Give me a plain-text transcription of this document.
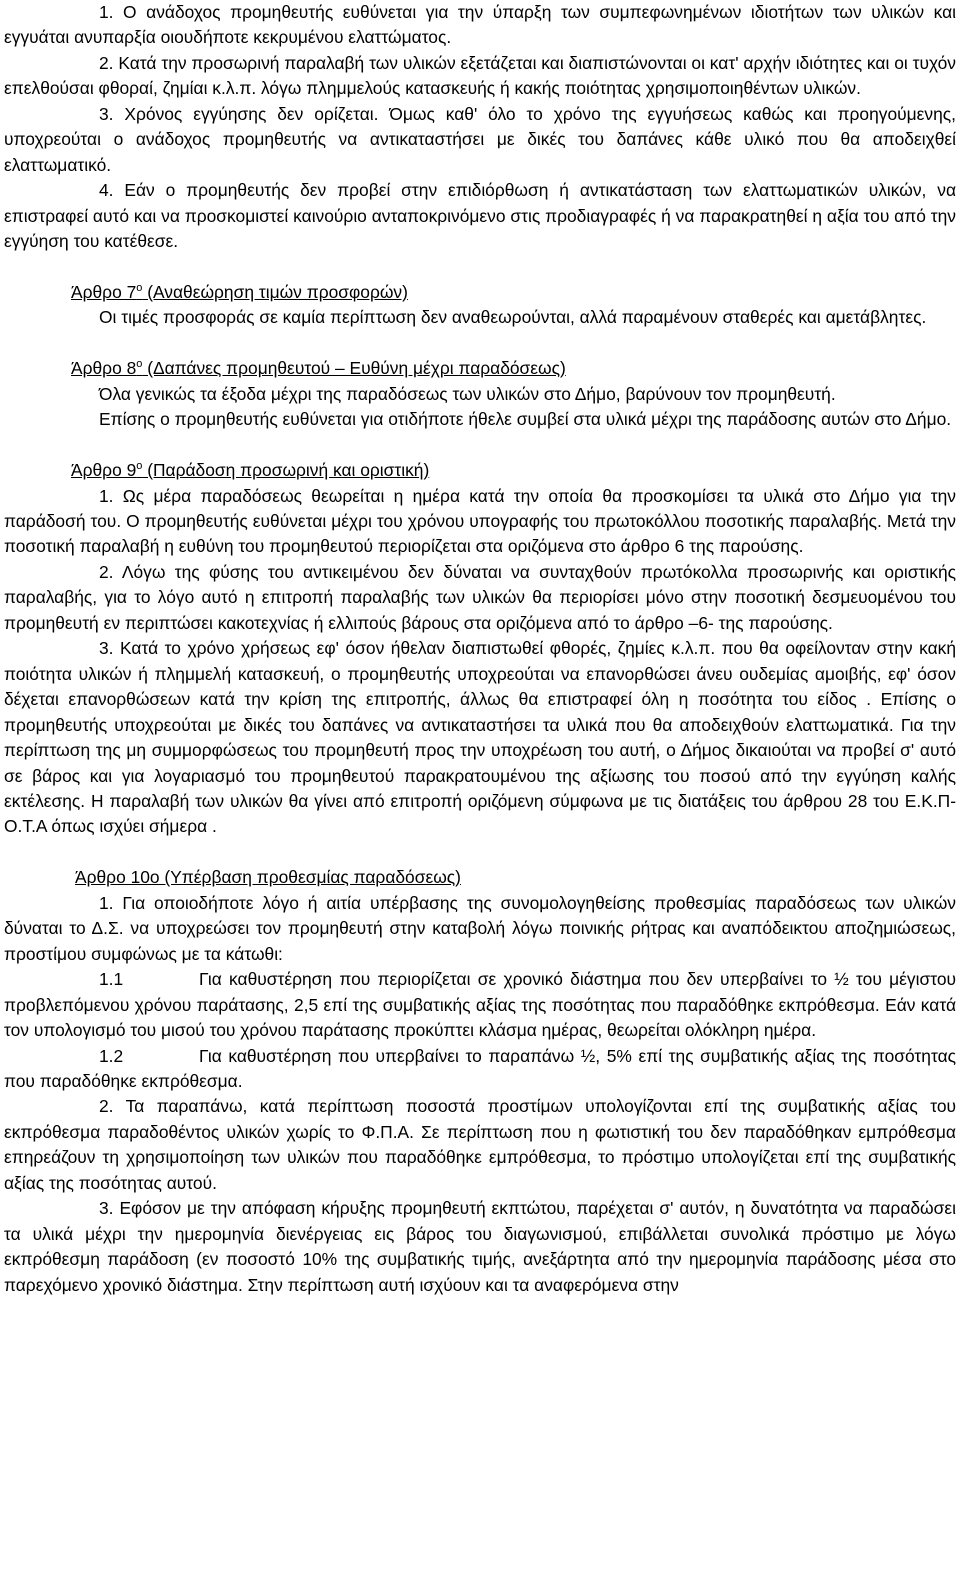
1. Ο ανάδοχος προμηθευτής ευθύνεται για την ύπαρξη των συμπεφωνημένων ιδιοτήτων των υλικών και εγγυάται ανυπαρξία οιουδήποτε κεκρυμένου ελαττώματος.

2. Κατά την προσωρινή παραλαβή των υλικών εξετάζεται και διαπιστώνονται οι κατ' αρχήν ιδιότητες και οι τυχόν επελθούσαι φθοραί, ζημίαι κ.λ.π. λόγω πλημμελούς κατασκευής ή κακής ποιότητας χρησιμοποιηθέντων υλικών.

3. Χρόνος εγγύησης δεν ορίζεται. Όμως καθ' όλο το χρόνο της εγγυήσεως καθώς και προηγούμενης, υποχρεούται ο ανάδοχος προμηθευτής να αντικαταστήσει με δικές του δαπάνες κάθε υλικό που θα αποδειχθεί ελαττωματικό.

4. Εάν ο προμηθευτής δεν προβεί στην επιδιόρθωση ή αντικατάσταση των ελαττωματικών υλικών, να επιστραφεί αυτό και να προσκομιστεί καινούριο ανταποκρινόμενο στις προδιαγραφές ή να παρακρατηθεί η αξία του από την εγγύηση του κατέθεσε.

Άρθρο $7^o$ (Αναθεώρηση τιμών προσφορών)

Οι τιμές προσφοράς σε καμία περίπτωση δεν αναθεωρούνται, αλλά παραμένουν σταθερές και αμετάβλητες.

Άρθρο $8^o$ (Δαπάνες προμηθευτού – Ευθύνη μέχρι παραδόσεως)

Όλα γενικώς τα έξοδα μέχρι της παραδόσεως των υλικών στο Δήμο, βαρύνουν τον προμηθευτή.

Επίσης ο προμηθευτής ευθύνεται για οτιδήποτε ήθελε συμβεί στα υλικά μέχρι της παράδοσης αυτών στο Δήμο.

Άρθρο $9^o$ (Παράδοση προσωρινή και οριστική)

1. Ως μέρα παραδόσεως θεωρείται η ημέρα κατά την οποία θα προσκομίσει τα υλικά στο Δήμο για την παράδοσή του. Ο προμηθευτής ευθύνεται μέχρι του χρόνου υπογραφής του πρωτοκόλλου ποσοτικής παραλαβής. Μετά την ποσοτική παραλαβή η ευθύνη του προμηθευτού περιορίζεται στα οριζόμενα στο άρθρο 6 της παρούσης.

2. Λόγω της φύσης του αντικειμένου δεν δύναται να συνταχθούν πρωτόκολλα προσωρινής και οριστικής παραλαβής, για το λόγο αυτό η επιτροπή παραλαβής των υλικών θα περιορίσει μόνο στην ποσοτική δεσμευομένου του προμηθευτή εν περιπτώσει κακοτεχνίας ή ελλιπούς βάρους στα οριζόμενα από το άρθρο –6- της παρούσης.

3. Κατά το χρόνο χρήσεως εφ' όσον ήθελαν διαπιστωθεί φθορές, ζημίες κ.λ.π. που θα οφείλονταν στην κακή ποιότητα υλικών ή πλημμελή κατασκευή, ο προμηθευτής υποχρεούται να επανορθώσει άνευ ουδεμίας αμοιβής, εφ' όσον δέχεται επανορθώσεων κατά την κρίση της επιτροπής, άλλως θα επιστραφεί όλη η ποσότητα του είδος . Επίσης ο προμηθευτής υποχρεούται με δικές του δαπάνες να αντικαταστήσει τα υλικά που θα αποδειχθούν ελαττωματικά. Για την περίπτωση της μη συμμορφώσεως του προμηθευτή προς την υποχρέωση του αυτή, ο Δήμος δικαιούται να προβεί σ' αυτό σε βάρος και για λογαριασμό του προμηθευτού παρακρατουμένου της αξίωσης του ποσού από την εγγύηση καλής εκτέλεσης. Η παραλαβή των υλικών θα γίνει από επιτροπή οριζόμενη σύμφωνα με τις διατάξεις του άρθρου 28 του Ε.Κ.Π-Ο.Τ.Α όπως ισχύει σήμερα .

Άρθρο 10ο (Υπέρβαση προθεσμίας παραδόσεως)

1. Για οποιοδήποτε λόγο ή αιτία υπέρβασης της συνομολογηθείσης προθεσμίας παραδόσεως των υλικών δύναται το Δ.Σ. να υποχρεώσει τον προμηθευτή στην καταβολή λόγω ποινικής ρήτρας και αναπόδεικτου αποζημιώσεως, προστίμου συμφώνως με τα κάτωθι:

1.1	Για καθυστέρηση που περιορίζεται σε χρονικό διάστημα που δεν υπερβαίνει το ½ του μέγιστου προβλεπόμενου χρόνου παράτασης, 2,5 επί της συμβατικής αξίας της ποσότητας που παραδόθηκε εκπρόθεσμα. Εάν κατά τον υπολογισμό του μισού του χρόνου παράτασης προκύπτει κλάσμα ημέρας, θεωρείται ολόκληρη ημέρα.

1.2	Για καθυστέρηση που υπερβαίνει το παραπάνω ½, 5% επί της συμβατικής αξίας της ποσότητας που παραδόθηκε εκπρόθεσμα.

2. Τα παραπάνω, κατά περίπτωση ποσοστά προστίμων υπολογίζονται επί της συμβατικής αξίας του εκπρόθεσμα παραδοθέντος υλικών χωρίς το Φ.Π.Α. Σε περίπτωση που η φωτιστική του δεν παραδόθηκαν εμπρόθεσμα επηρεάζουν τη χρησιμοποίηση των υλικών που παραδόθηκε εμπρόθεσμα, το πρόστιμο υπολογίζεται επί της συμβατικής αξίας της ποσότητας αυτού.

3. Εφόσον με την απόφαση κήρυξης προμηθευτή εκπτώτου, παρέχεται σ' αυτόν, η δυνατότητα να παραδώσει τα υλικά μέχρι την ημερομηνία διενέργειας εις βάρος του διαγωνισμού, επιβάλλεται συνολικά πρόστιμο με λόγω εκπρόθεσμη παράδοση (εν ποσοστό 10% της συμβατικής τιμής, ανεξάρτητα από την ημερομηνία παράδοσης μέσα στο παρεχόμενο χρονικό διάστημα. Στην περίπτωση αυτή ισχύουν και τα αναφερόμενα στην
